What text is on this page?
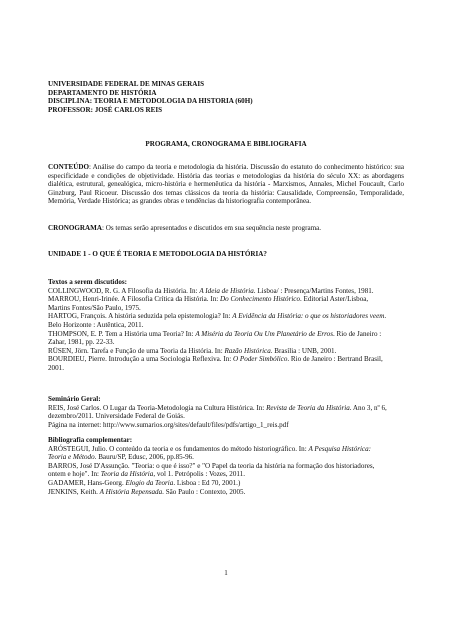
UNIVERSIDADE FEDERAL DE MINAS GERAIS
DEPARTAMENTO DE HISTÓRIA
DISCIPLINA: TEORIA E METODOLOGIA DA HISTORIA (60H)
PROFESSOR: JOSÉ CARLOS REIS
PROGRAMA, CRONOGRAMA E BIBLIOGRAFIA
CONTEÚDO: Análise do campo da teoria e metodologia da história. Discussão do estatuto do conhecimento histórico: sua especificidade e condições de objetividade. História das teorias e metodologias da história do século XX: as abordagens dialética, estrutural, genealógica, micro-história e hermenêutica da história - Marxismos, Annales, Michel Foucault, Carlo Ginzburg, Paul Ricoeur. Discussão dos temas clássicos da teoria da história: Causalidade, Compreensão, Temporalidade, Memória, Verdade Histórica; as grandes obras e tendências da historiografia contemporânea.
CRONOGRAMA: Os temas serão apresentados e discutidos em sua sequência neste programa.
UNIDADE 1 - O QUE É TEORIA E METODOLOGIA DA HISTÓRIA?
Textos a serem discutidos:
COLLINGWOOD, R. G. A Filosofia da História. In: A Ideia de História. Lisboa/ : Presença/Martins Fontes, 1981.
MARROU, Henri-Irinée. A Filosofia Crítica da História. In: Do Conhecimento Histórico. Editorial Aster/Lisboa,
Martins Fontes/São Paulo, 1975.
HARTOG, François. A história seduzida pela epistemologia? In: A Evidência da História: o que os historiadores veem.
Belo Horizonte : Autêntica, 2011.
THOMPSON, E. P. Tem a História uma Teoria? In: A Miséria da Teoria Ou Um Planetário de Erros. Rio de Janeiro :
Zahar, 1981, pp. 22-33.
RÜSEN, Jörn. Tarefa e Função de uma Teoria da História. In: Razão Histórica. Brasília : UNB, 2001.
BOURDIEU, Pierre. Introdução a uma Sociologia Reflexiva. In: O Poder Simbólico. Rio de Janeiro : Bertrand Brasil,
2001.
Seminário Geral:
REIS, José Carlos. O Lugar da Teoria-Metodologia na Cultura Histórica. In: Revista de Teoria da História. Ano 3, nº 6,
dezembro/2011. Universidade Federal de Goiás.
Página na internet: http://www.sumarios.org/sites/default/files/pdfs/artigo_1_reis.pdf
Bibliografia complementar:
ARÓSTEGUI, Julio. O conteúdo da teoria e os fundamentos do método historiográfico. In: A Pesquisa Histórica:
Teoria e Método. Bauru/SP, Edusc, 2006, pp.85-96.
BARROS, José D'Assunção. "Teoria: o que é isso?" e "O Papel da teoria da história na formação dos historiadores,
ontem e hoje". In: Teoria da História, vol 1. Petrópolis : Vozes, 2011.
GADAMER, Hans-Georg. Elogio da Teoria. Lisboa : Ed 70, 2001.)
JENKINS, Keith. A História Repensada. São Paulo : Contexto, 2005.
1
